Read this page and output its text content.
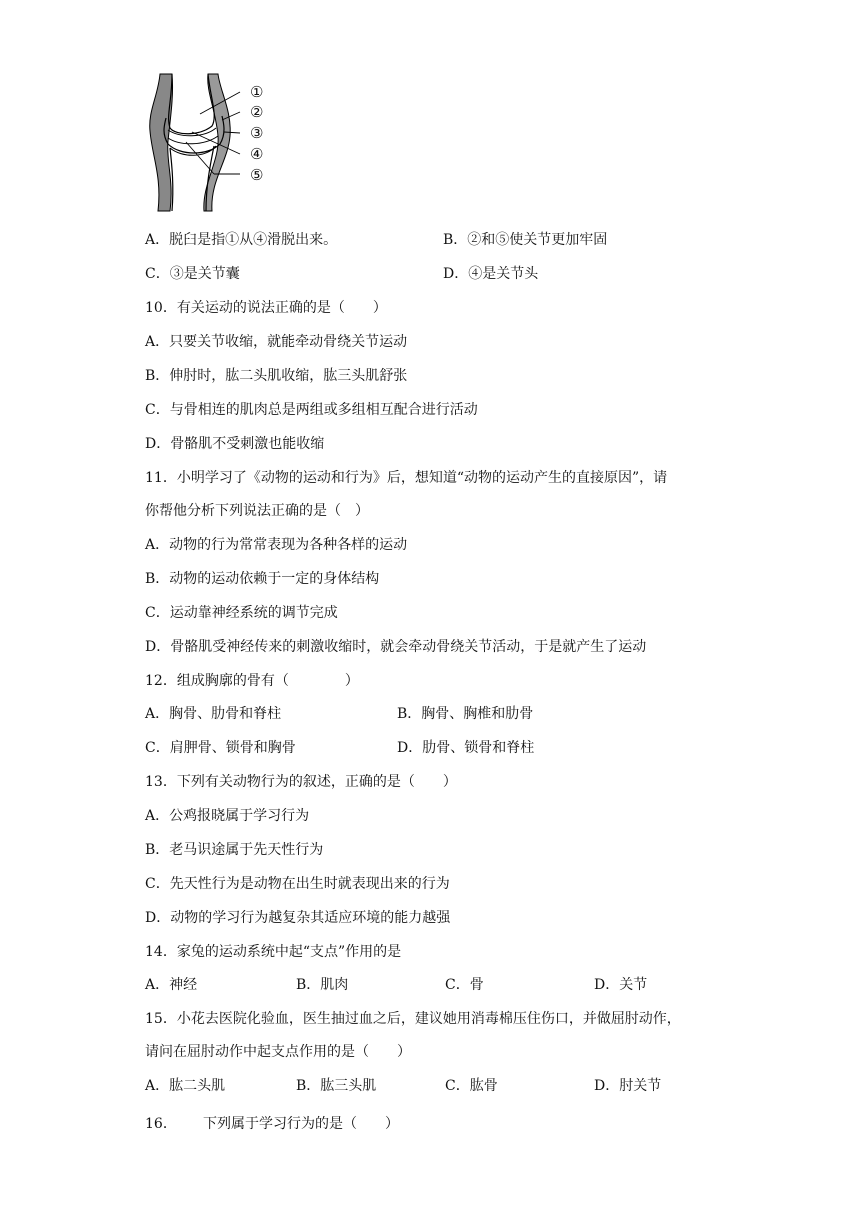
①
②
③
④
⑤
A．脱臼是指①从④滑脱出来。	B．②和⑤使关节更加牢固
C．③是关节囊	D．④是关节头
10．有关运动的说法正确的是（　　）
A．只要关节收缩，就能牵动骨绕关节运动
B．伸肘时，肱二头肌收缩，肱三头肌舒张
C．与骨相连的肌肉总是两组或多组相互配合进行活动
D．骨骼肌不受刺激也能收缩
11．小明学习了《动物的运动和行为》后，想知道“动物的运动产生的直接原因”，请
你帮他分析下列说法正确的是（　）
A．动物的行为常常表现为各种各样的运动
B．动物的运动依赖于一定的身体结构
C．运动靠神经系统的调节完成
D．骨骼肌受神经传来的刺激收缩时，就会牵动骨绕关节活动，于是就产生了运动
12．组成胸廓的骨有（　　　　）
A．胸骨、肋骨和脊柱	B．胸骨、胸椎和肋骨
C．肩胛骨、锁骨和胸骨	D．肋骨、锁骨和脊柱
13．下列有关动物行为的叙述，正确的是（　　）
A．公鸡报晓属于学习行为
B．老马识途属于先天性行为
C．先天性行为是动物在出生时就表现出来的行为
D．动物的学习行为越复杂其适应环境的能力越强
14．家兔的运动系统中起“支点”作用的是
A．神经	B．肌肉	C．骨	D．关节
15．小花去医院化验血，医生抽过血之后，建议她用消毒棉压住伤口，并做屈肘动作，
请问在屈肘动作中起支点作用的是（　　）
A．肱二头肌	B．肱三头肌	C．肱骨	D．肘关节
16． 下列属于学习行为的是（　　）
